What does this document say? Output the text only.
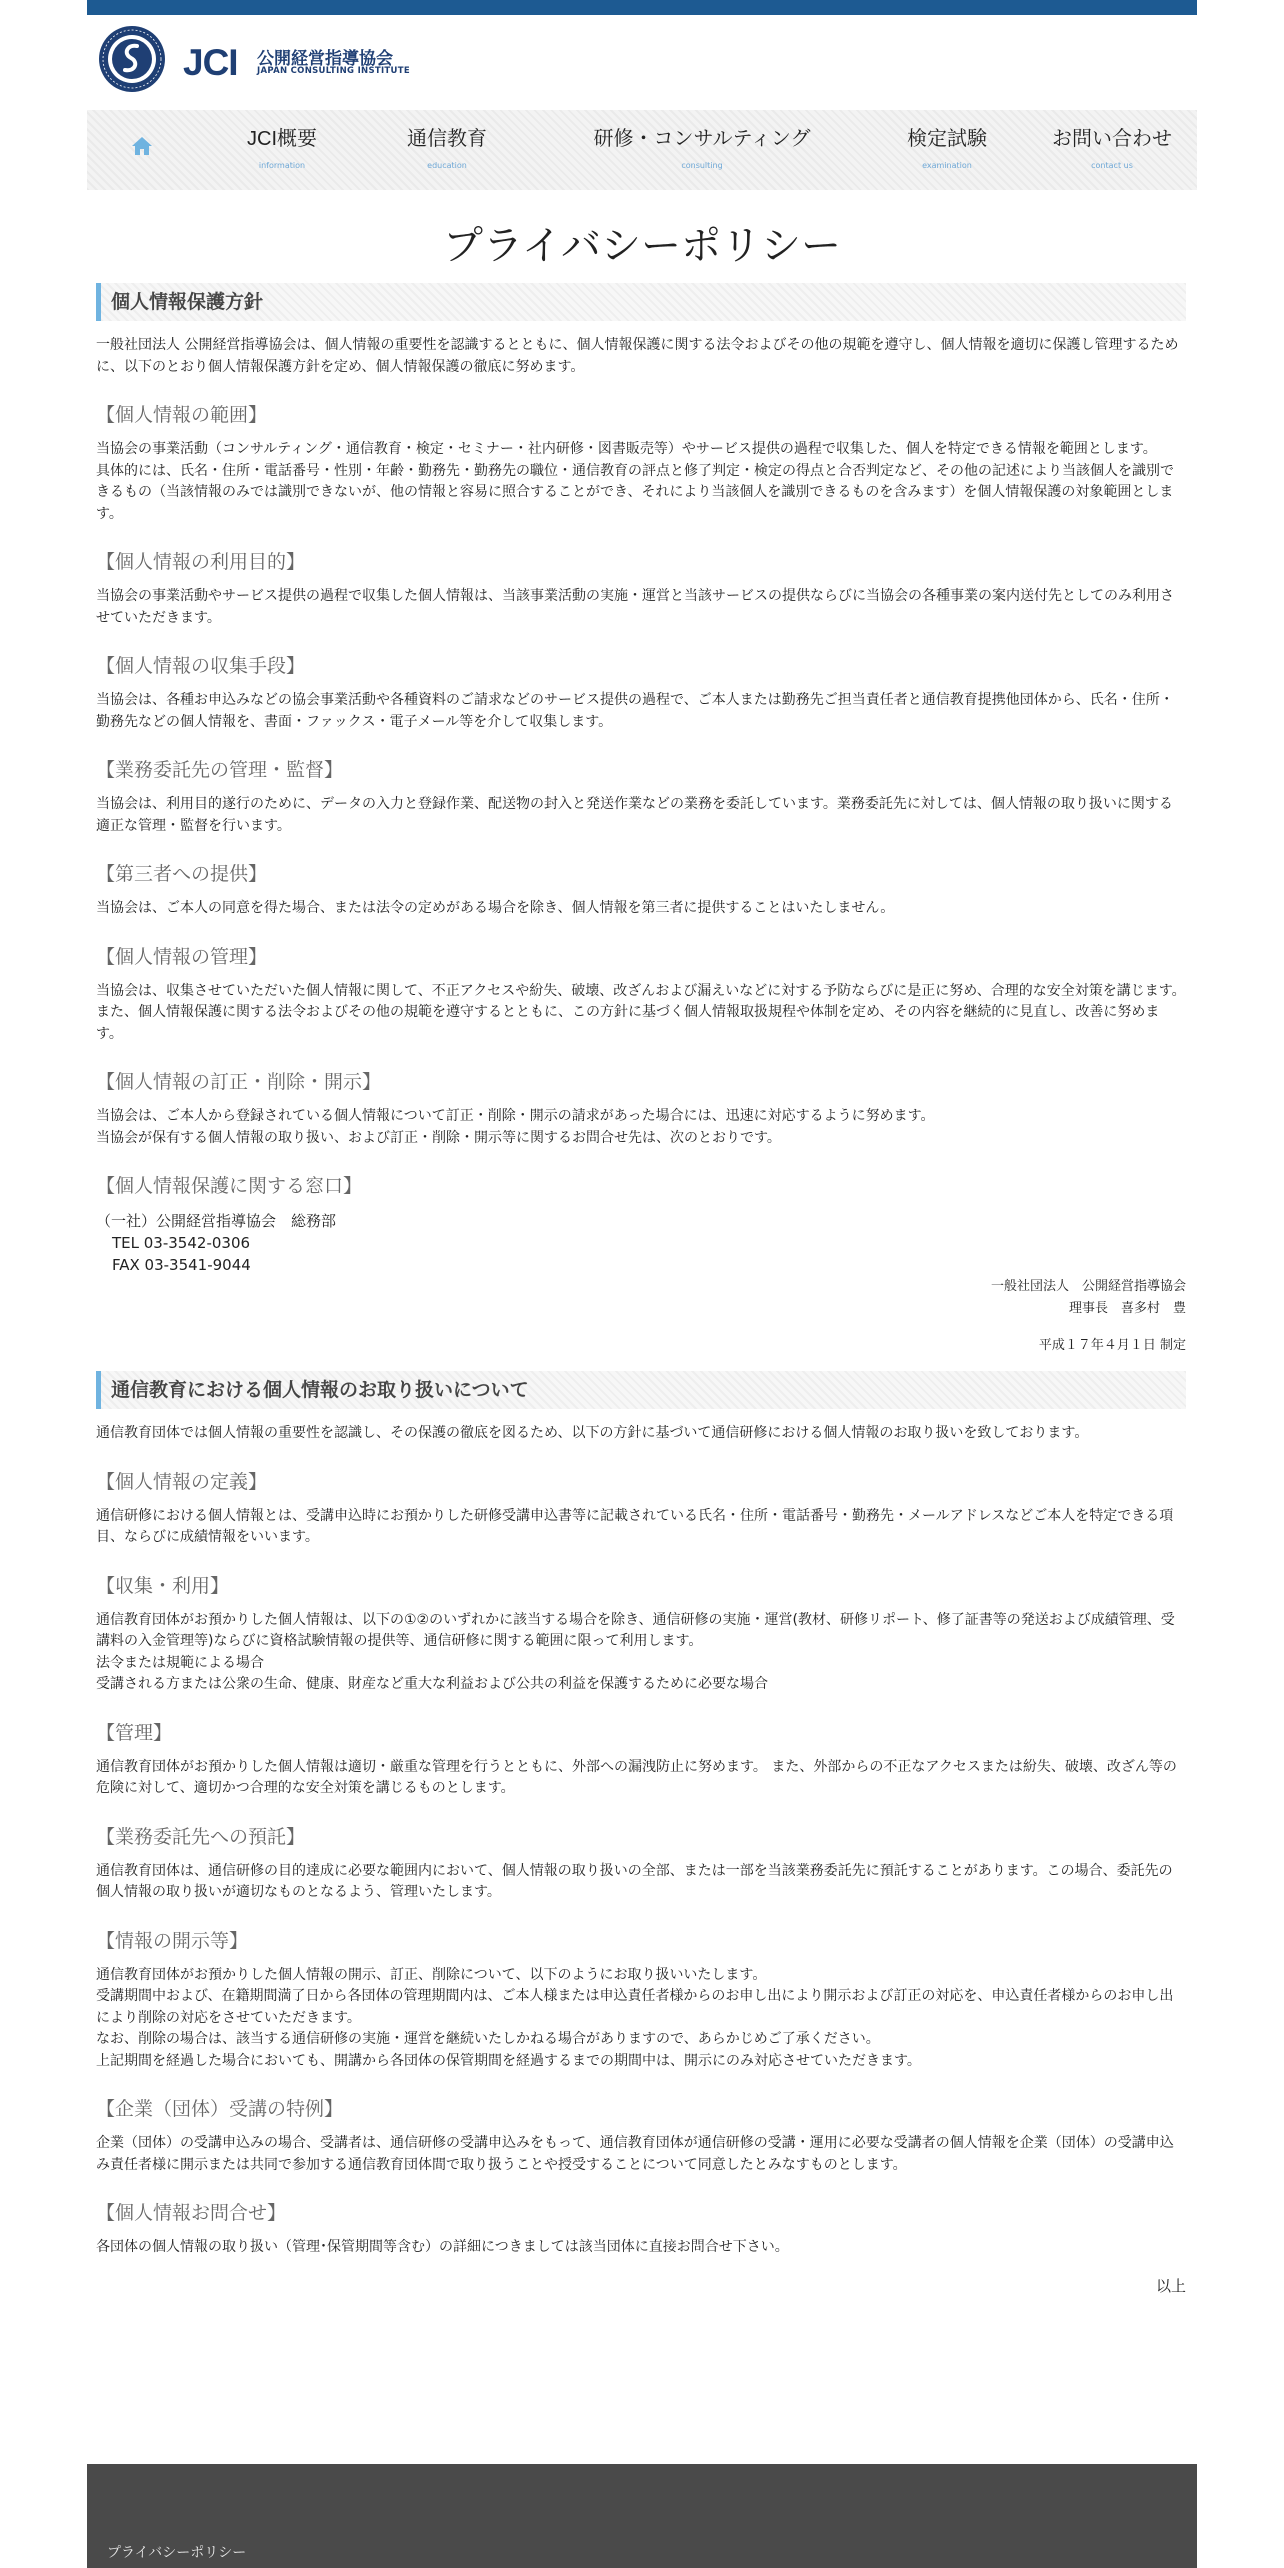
JCI 公開経営指導協会
JAPAN CONSULTING INSTITUTE
JCI概要
information
通信教育
education
研修・コンサルティング
consulting
検定試験
examination
お問い合わせ
contact us
プライバシーポリシー
個人情報保護方針

一般社団法人 公開経営指導協会は、個人情報の重要性を認識するとともに、個人情報保護に関する法令およびその他の規範を遵守し、個人情報を適切に保護し管理するために、以下のとおり個人情報保護方針を定め、個人情報保護の徹底に努めます。

【個人情報の範囲】

当協会の事業活動（コンサルティング・通信教育・検定・セミナー・社内研修・図書販売等）やサービス提供の過程で収集した、個人を特定できる情報を範囲とします。
具体的には、氏名・住所・電話番号・性別・年齢・勤務先・勤務先の職位・通信教育の評点と修了判定・検定の得点と合否判定など、その他の記述により当該個人を識別できるもの（当該情報のみでは識別できないが、他の情報と容易に照合することができ、それにより当該個人を識別できるものを含みます）を個人情報保護の対象範囲とします。

【個人情報の利用目的】

当協会の事業活動やサービス提供の過程で収集した個人情報は、当該事業活動の実施・運営と当該サービスの提供ならびに当協会の各種事業の案内送付先としてのみ利用させていただきます。

【個人情報の収集手段】

当協会は、各種お申込みなどの協会事業活動や各種資料のご請求などのサービス提供の過程で、ご本人または勤務先ご担当責任者と通信教育提携他団体から、氏名・住所・勤務先などの個人情報を、書面・ファックス・電子メール等を介して収集します。

【業務委託先の管理・監督】

当協会は、利用目的遂行のために、データの入力と登録作業、配送物の封入と発送作業などの業務を委託しています。業務委託先に対しては、個人情報の取り扱いに関する適正な管理・監督を行います。

【第三者への提供】

当協会は、ご本人の同意を得た場合、または法令の定めがある場合を除き、個人情報を第三者に提供することはいたしません。

【個人情報の管理】

当協会は、収集させていただいた個人情報に関して、不正アクセスや紛失、破壊、改ざんおよび漏えいなどに対する予防ならびに是正に努め、合理的な安全対策を講じます。
また、個人情報保護に関する法令およびその他の規範を遵守するとともに、この方針に基づく個人情報取扱規程や体制を定め、その内容を継続的に見直し、改善に努めます。

【個人情報の訂正・削除・開示】

当協会は、ご本人から登録されている個人情報について訂正・削除・開示の請求があった場合には、迅速に対応するように努めます。
当協会が保有する個人情報の取り扱い、および訂正・削除・開示等に関するお問合せ先は、次のとおりです。

【個人情報保護に関する窓口】
（一社）公開経営指導協会　総務部
TEL 03-3542-0306
FAX 03-3541-9044
一般社団法人　公開経営指導協会
理事長　喜多村　豊
平成１７年４月１日 制定
通信教育における個人情報のお取り扱いについて

通信教育団体では個人情報の重要性を認識し、その保護の徹底を図るため、以下の方針に基づいて通信研修における個人情報のお取り扱いを致しております。

【個人情報の定義】

通信研修における個人情報とは、受講申込時にお預かりした研修受講申込書等に記載されている氏名・住所・電話番号・勤務先・メールアドレスなどご本人を特定できる項目、ならびに成績情報をいいます。

【収集・利用】

通信教育団体がお預かりした個人情報は、以下の①②のいずれかに該当する場合を除き、通信研修の実施・運営(教材、研修リポート、修了証書等の発送および成績管理、受講料の入金管理等)ならびに資格試験情報の提供等、通信研修に関する範囲に限って利用します。
法令または規範による場合
受講される方または公衆の生命、健康、財産など重大な利益および公共の利益を保護するために必要な場合

【管理】

通信教育団体がお預かりした個人情報は適切・厳重な管理を行うとともに、外部への漏洩防止に努めます。 また、外部からの不正なアクセスまたは紛失、破壊、改ざん等の危険に対して、適切かつ合理的な安全対策を講じるものとします。

【業務委託先への預託】

通信教育団体は、通信研修の目的達成に必要な範囲内において、個人情報の取り扱いの全部、または一部を当該業務委託先に預託することがあります。この場合、委託先の個人情報の取り扱いが適切なものとなるよう、管理いたします。

【情報の開示等】

通信教育団体がお預かりした個人情報の開示、訂正、削除について、以下のようにお取り扱いいたします。
受講期間中および、在籍期間満了日から各団体の管理期間内は、ご本人様または申込責任者様からのお申し出により開示および訂正の対応を、申込責任者様からのお申し出により削除の対応をさせていただきます。
なお、削除の場合は、該当する通信研修の実施・運営を継続いたしかねる場合がありますので、あらかじめご了承ください。
上記期間を経過した場合においても、開講から各団体の保管期間を経過するまでの期間中は、開示にのみ対応させていただきます。

【企業（団体）受講の特例】

企業（団体）の受講申込みの場合、受講者は、通信研修の受講申込みをもって、通信教育団体が通信研修の受講・運用に必要な受講者の個人情報を企業（団体）の受講申込み責任者様に開示または共同で参加する通信教育団体間で取り扱うことや授受することについて同意したとみなすものとします。

【個人情報お問合せ】

各団体の個人情報の取り扱い（管理･保管期間等含む）の詳細につきましては該当団体に直接お問合せ下さい。

以上
プライバシーポリシー
